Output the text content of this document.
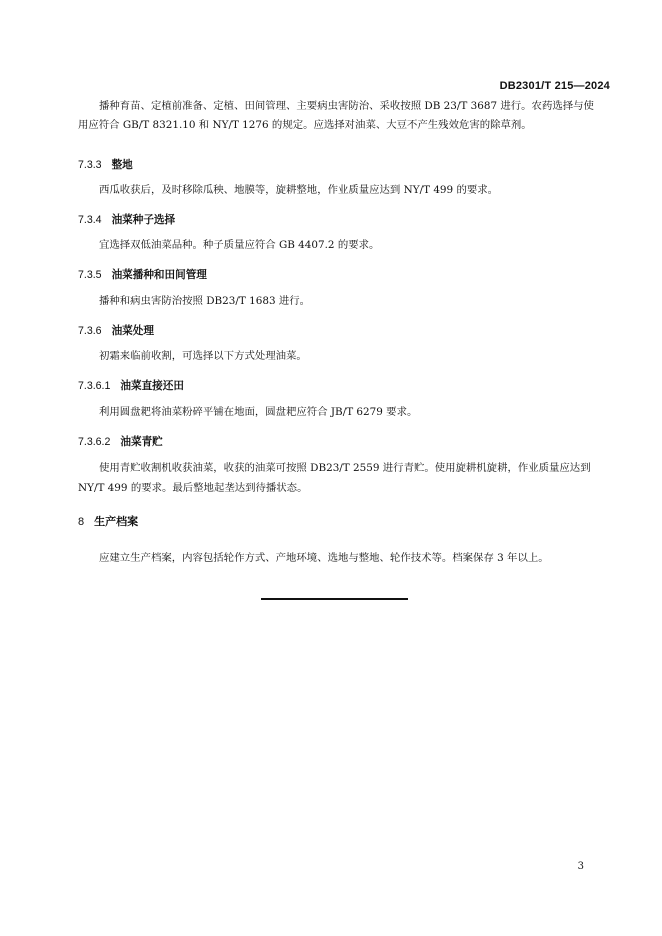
DB2301/T 215—2024

播种育苗、定植前准备、定植、田间管理、主要病虫害防治、采收按照 DB 23/T 3687 进行。农药选择与使用应符合 GB/T 8321.10 和 NY/T 1276 的规定。应选择对油菜、大豆不产生残效危害的除草剂。

7.3.3 整地

西瓜收获后，及时移除瓜秧、地膜等，旋耕整地，作业质量应达到 NY/T 499 的要求。

7.3.4 油菜种子选择

宜选择双低油菜品种。种子质量应符合 GB 4407.2 的要求。

7.3.5 油菜播种和田间管理

播种和病虫害防治按照 DB23/T 1683 进行。

7.3.6 油菜处理

初霜来临前收割，可选择以下方式处理油菜。

7.3.6.1 油菜直接还田

利用圆盘耙将油菜粉碎平铺在地面，圆盘耙应符合 JB/T 6279 要求。

7.3.6.2 油菜青贮

使用青贮收割机收获油菜，收获的油菜可按照 DB23/T 2559 进行青贮。使用旋耕机旋耕，作业质量应达到 NY/T 499 的要求。最后整地起垄达到待播状态。

8 生产档案

应建立生产档案，内容包括轮作方式、产地环境、选地与整地、轮作技术等。档案保存 3 年以上。

3
